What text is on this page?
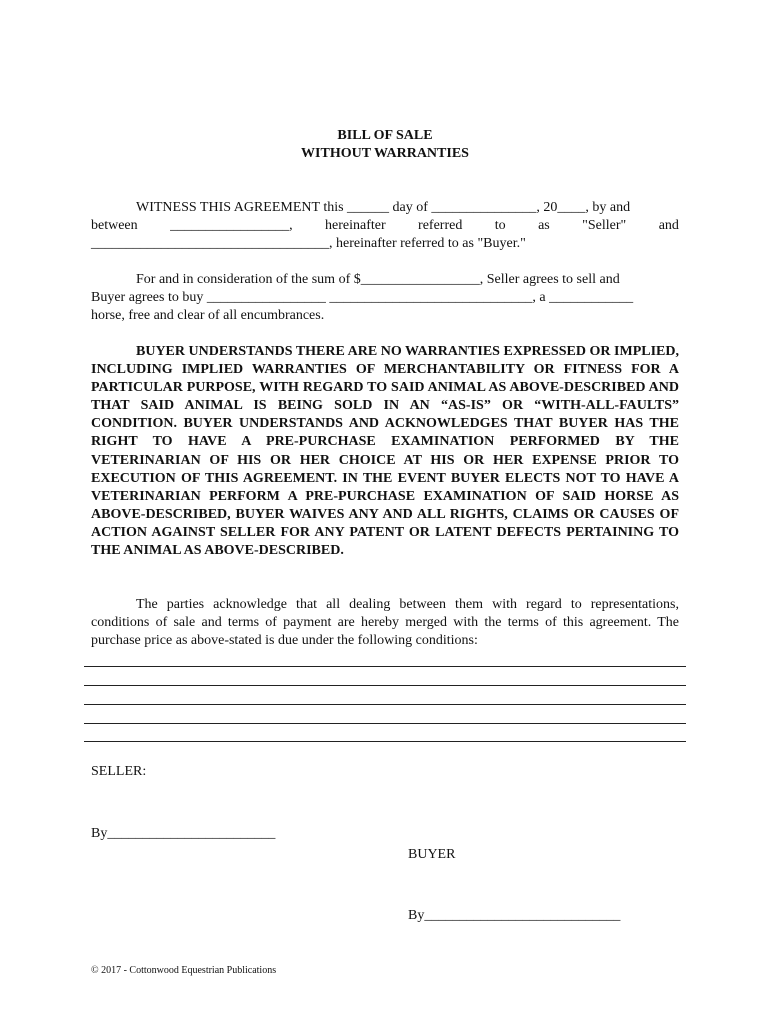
BILL OF SALE
WITHOUT WARRANTIES
WITNESS THIS AGREEMENT this ______ day of _______________, 20____, by and
between _________________, hereinafter referred to as "Seller" and
__________________________________, hereinafter referred to as "Buyer."
For and in consideration of the sum of $_________________, Seller agrees to sell and
Buyer agrees to buy _________________ _____________________________, a ____________
horse, free and clear of all encumbrances.

BUYER UNDERSTANDS THERE ARE NO WARRANTIES EXPRESSED OR IMPLIED, INCLUDING IMPLIED WARRANTIES OF MERCHANTABILITY OR FITNESS FOR A PARTICULAR PURPOSE, WITH REGARD TO SAID ANIMAL AS ABOVE-DESCRIBED AND THAT SAID ANIMAL IS BEING SOLD IN AN “AS-IS” OR “WITH-ALL-FAULTS” CONDITION. BUYER UNDERSTANDS AND ACKNOWLEDGES THAT BUYER HAS THE RIGHT TO HAVE A PRE-PURCHASE EXAMINATION PERFORMED BY THE VETERINARIAN OF HIS OR HER CHOICE AT HIS OR HER EXPENSE PRIOR TO EXECUTION OF THIS AGREEMENT. IN THE EVENT BUYER ELECTS NOT TO HAVE A VETERINARIAN PERFORM A PRE-PURCHASE EXAMINATION OF SAID HORSE AS ABOVE-DESCRIBED, BUYER WAIVES ANY AND ALL RIGHTS, CLAIMS OR CAUSES OF ACTION AGAINST SELLER FOR ANY PATENT OR LATENT DEFECTS PERTAINING TO THE ANIMAL AS ABOVE-DESCRIBED.

The parties acknowledge that all dealing between them with regard to representations, conditions of sale and terms of payment are hereby merged with the terms of this agreement. The purchase price as above-stated is due under the following conditions:

SELLER:
By________________________
BUYER
By____________________________
© 2017 - Cottonwood Equestrian Publications
